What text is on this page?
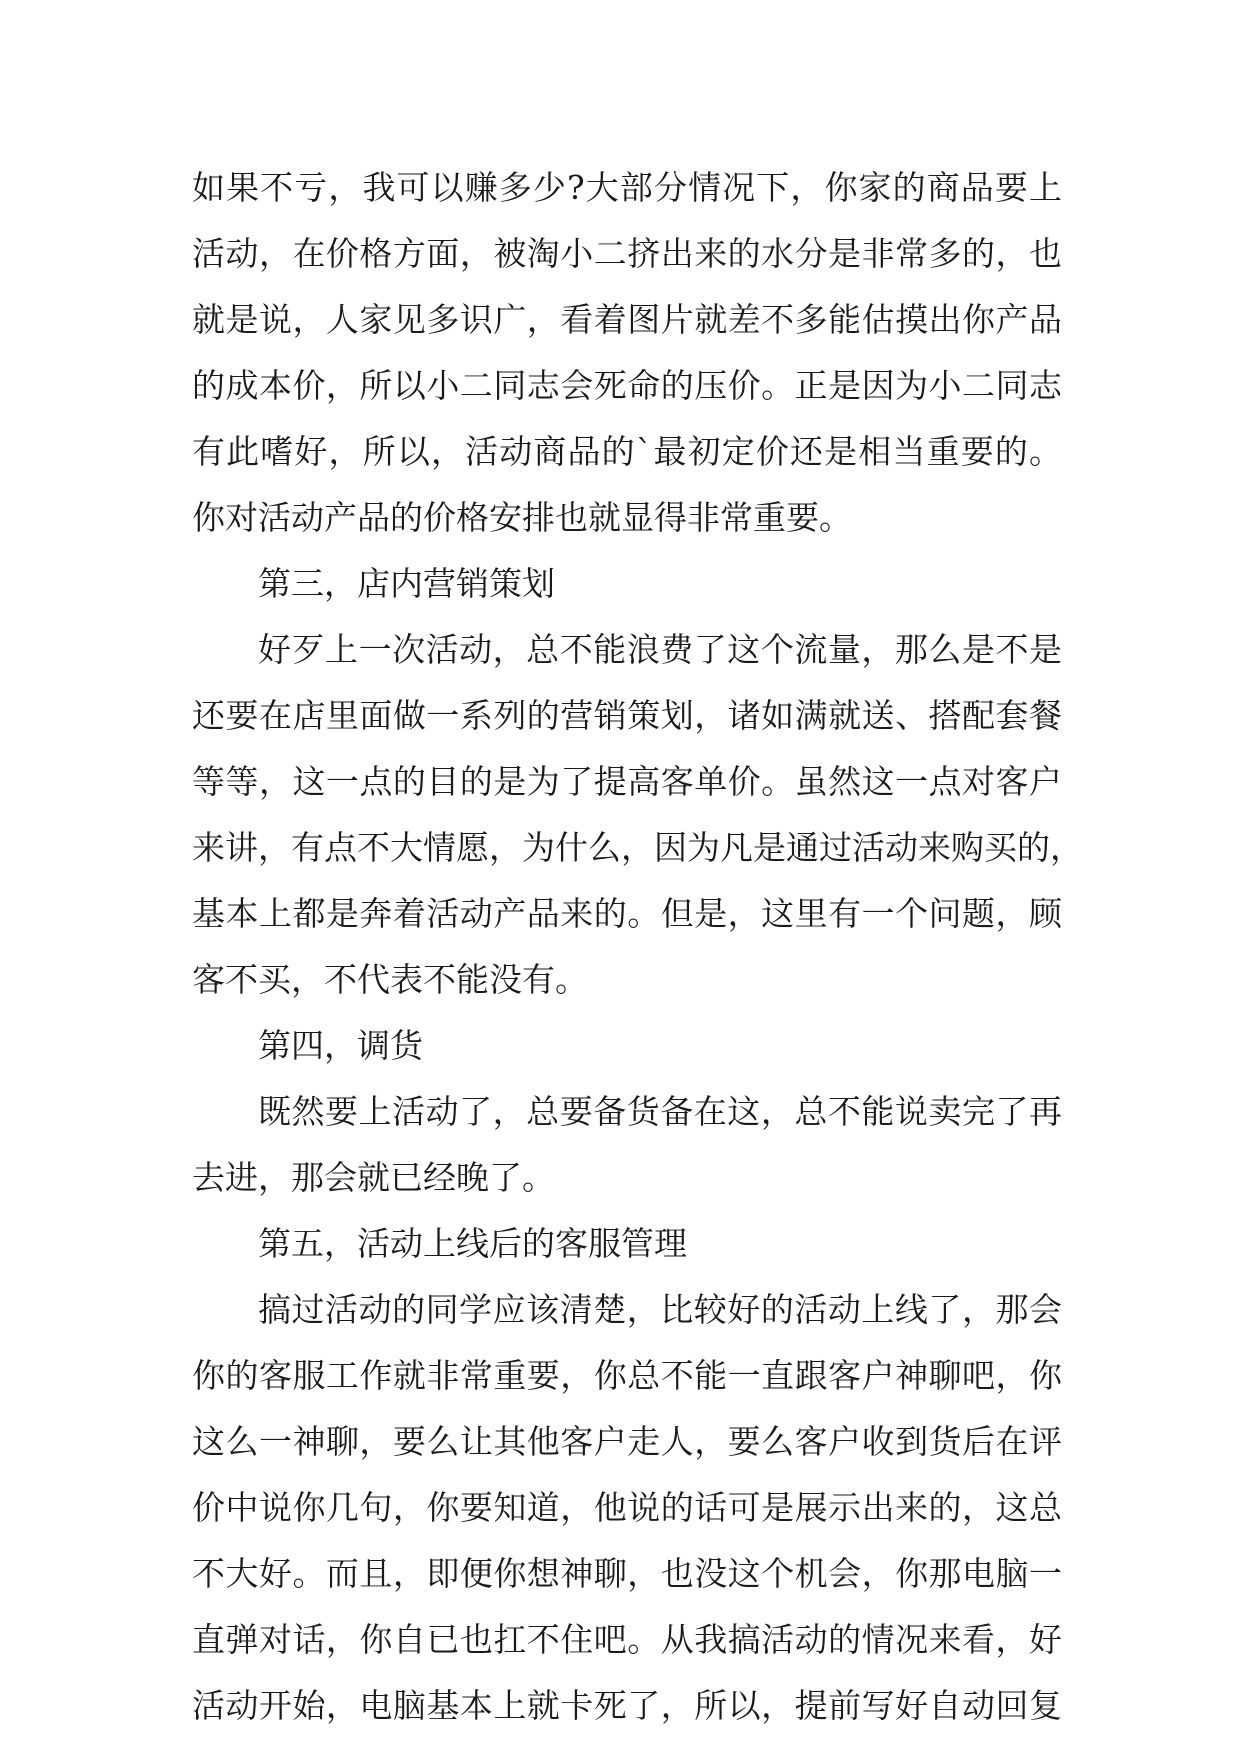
如果不亏，我可以赚多少?大部分情况下，你家的商品要上
活动，在价格方面，被淘小二挤出来的水分是非常多的，也
就是说，人家见多识广，看着图片就差不多能估摸出你产品
的成本价，所以小二同志会死命的压价。正是因为小二同志
有此嗜好，所以，活动商品的`最初定价还是相当重要的。
你对活动产品的价格安排也就显得非常重要。
第三，店内营销策划
好歹上一次活动，总不能浪费了这个流量，那么是不是
还要在店里面做一系列的营销策划，诸如满就送、搭配套餐
等等，这一点的目的是为了提高客单价。虽然这一点对客户
来讲，有点不大情愿，为什么，因为凡是通过活动来购买的，
基本上都是奔着活动产品来的。但是，这里有一个问题，顾
客不买，不代表不能没有。
第四，调货
既然要上活动了，总要备货备在这，总不能说卖完了再
去进，那会就已经晚了。
第五，活动上线后的客服管理
搞过活动的同学应该清楚，比较好的活动上线了，那会
你的客服工作就非常重要，你总不能一直跟客户神聊吧，你
这么一神聊，要么让其他客户走人，要么客户收到货后在评
价中说你几句，你要知道，他说的话可是展示出来的，这总
不大好。而且，即便你想神聊，也没这个机会，你那电脑一
直弹对话，你自已也扛不住吧。从我搞活动的情况来看，好
活动开始，电脑基本上就卡死了，所以，提前写好自动回复
